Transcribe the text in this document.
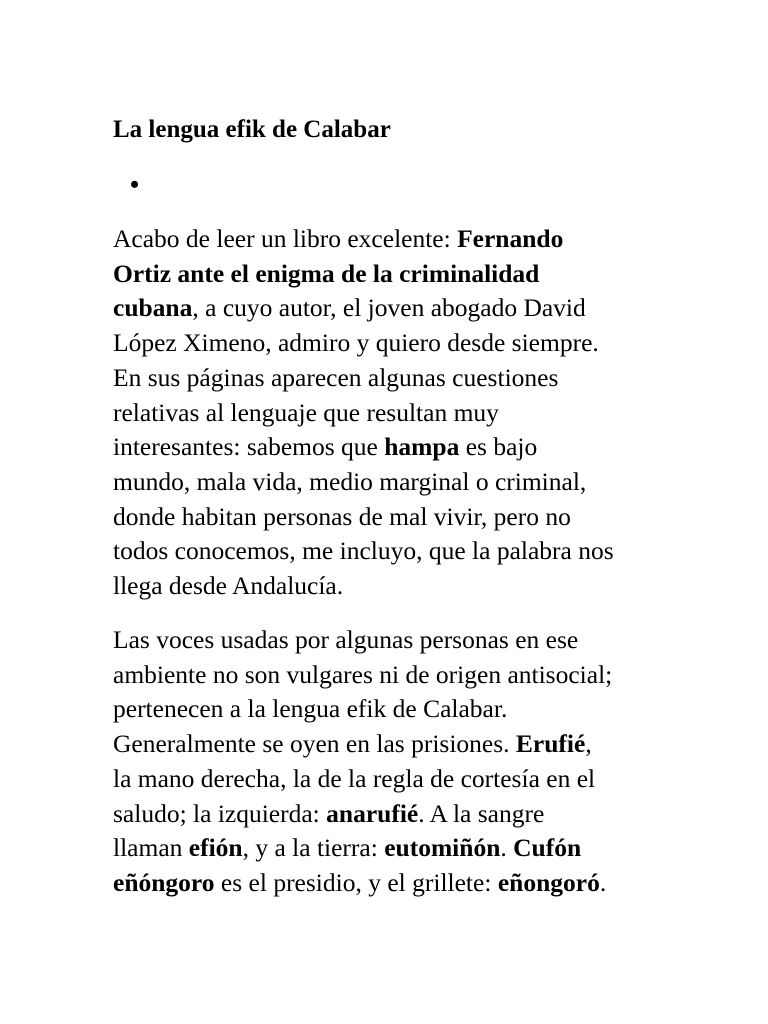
La lengua efik de Calabar
•

Acabo de leer un libro excelente: Fernando
Ortiz ante el enigma de la criminalidad
cubana, a cuyo autor, el joven abogado David
López Ximeno, admiro y quiero desde siempre.
En sus páginas aparecen algunas cuestiones
relativas al lenguaje que resultan muy
interesantes: sabemos que hampa es bajo
mundo, mala vida, medio marginal o criminal,
donde habitan personas de mal vivir, pero no
todos conocemos, me incluyo, que la palabra nos
llega desde Andalucía.

Las voces usadas por algunas personas en ese
ambiente no son vulgares ni de origen antisocial;
pertenecen a la lengua efik de Calabar.
Generalmente se oyen en las prisiones. Erufié,
la mano derecha, la de la regla de cortesía en el
saludo; la izquierda: anarufié. A la sangre
llaman efión, y a la tierra: eutomiñón. Cufón
eñóngoro es el presidio, y el grillete: eñongoró.
